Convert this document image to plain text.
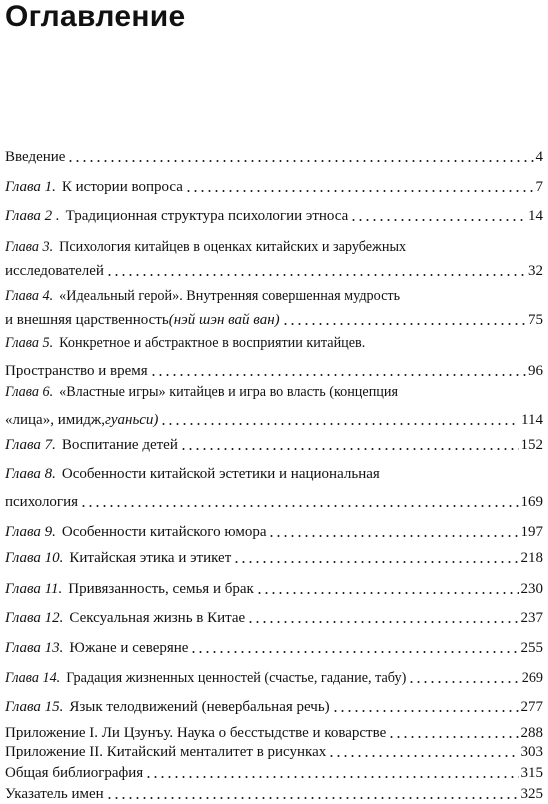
Оглавление
Введение	4
Глава 1. К истории вопроса	7
Глава 2 . Традиционная структура психологии этноса	14
Глава 3. Психология китайцев в оценках китайских и зарубежных
исследователей	32
Глава 4. «Идеальный герой». Внутренняя совершенная мудрость
и внешняя царственность (нэй шэн вай ван)	75
Глава 5. Конкретное и абстрактное в восприятии китайцев.
Пространство и время	96
Глава 6. «Властные игры» китайцев и игра во власть (концепция
«лица», имидж, гуаньси)	114
Глава 7. Воспитание детей	152
Глава 8. Особенности китайской эстетики и национальная
психология	169
Глава 9. Особенности китайского юмора	197
Глава 10. Китайская этика и этикет	218
Глава 11. Привязанность, семья и брак	230
Глава 12. Сексуальная жизнь в Китае	237
Глава 13. Южане и северяне	255
Глава 14. Градация жизненных ценностей (счастье, гадание, табу)	269
Глава 15. Язык телодвижений (невербальная речь)	277
Приложение I. Ли Цзунъу. Наука о бесстыдстве и коварстве	288
Приложение II. Китайский менталитет в рисунках	303
Общая библиография	315
Указатель имен	325
